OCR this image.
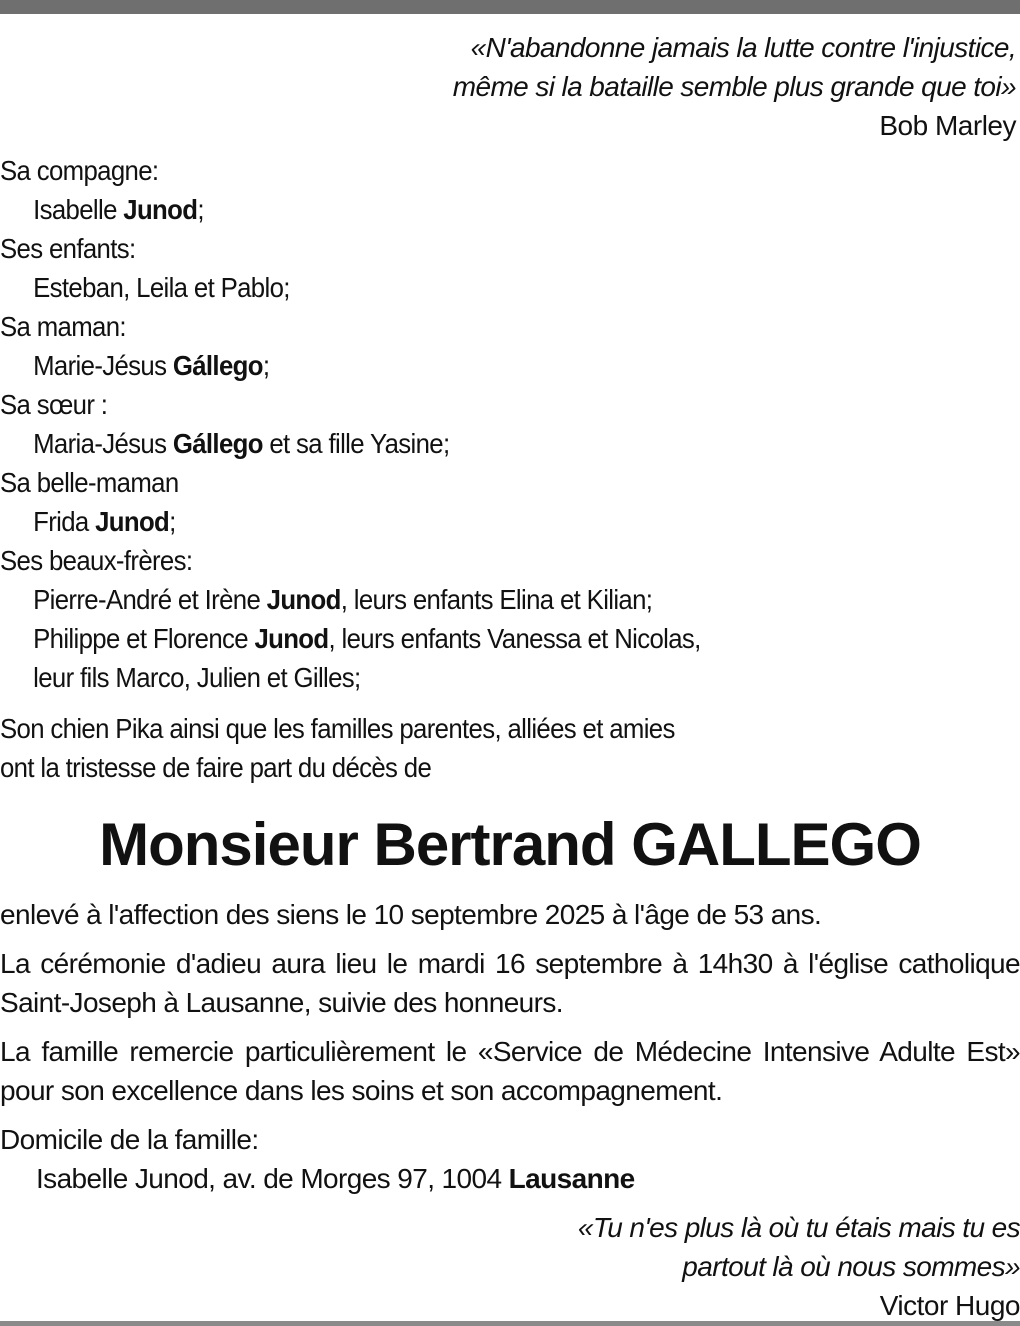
«N'abandonne jamais la lutte contre l'injustice,
même si la bataille semble plus grande que toi»
Bob Marley
Sa compagne:
Isabelle Junod;
Ses enfants:
Esteban, Leila et Pablo;
Sa maman:
Marie-Jésus Gállego;
Sa sœur :
Maria-Jésus Gállego et sa fille Yasine;
Sa belle-maman
Frida Junod;
Ses beaux-frères:
Pierre-André et Irène Junod, leurs enfants Elina et Kilian;
Philippe et Florence Junod, leurs enfants Vanessa et Nicolas,
leur fils Marco, Julien et Gilles;
Son chien Pika ainsi que les familles parentes, alliées et amies
ont la tristesse de faire part du décès de
Monsieur Bertrand GALLEGO
enlevé à l'affection des siens le 10 septembre 2025 à l'âge de 53 ans.
La cérémonie d'adieu aura lieu le mardi 16 septembre à 14h30 à l'église catholique Saint-Joseph à Lausanne, suivie des honneurs.
La famille remercie particulièrement le «Service de Médecine Intensive Adulte Est» pour son excellence dans les soins et son accompagnement.
Domicile de la famille:
Isabelle Junod, av. de Morges 97, 1004 Lausanne
«Tu n'es plus là où tu étais mais tu es
partout là où nous sommes»
Victor Hugo
